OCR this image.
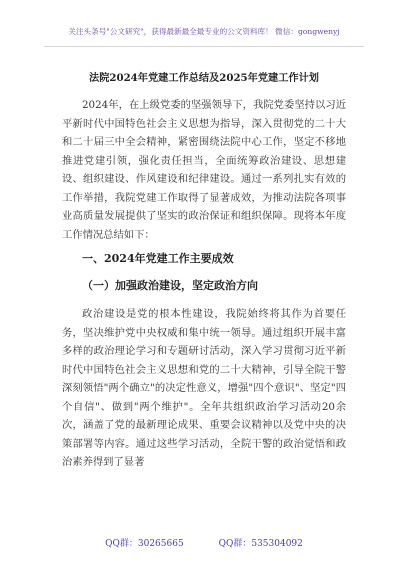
关注头条号"公文研究"，获得最新最全最专业的公文资料库！ 微信：gongwenyj
法院2024年党建工作总结及2025年党建工作计划

2024年，在上级党委的坚强领导下，我院党委坚持以习近平新时代中国特色社会主义思想为指导，深入贯彻党的二十大和二十届三中全会精神，紧密围绕法院中心工作，坚定不移地推进党建引领，强化责任担当，全面统筹政治建设、思想建设、组织建设、作风建设和纪律建设。通过一系列扎实有效的工作举措，我院党建工作取得了显著成效，为推动法院各项事业高质量发展提供了坚实的政治保证和组织保障。现将本年度工作情况总结如下：

一、2024年党建工作主要成效
（一）加强政治建设，坚定政治方向

政治建设是党的根本性建设，我院始终将其作为首要任务，坚决维护党中央权威和集中统一领导。通过组织开展丰富多样的政治理论学习和专题研讨活动，深入学习贯彻习近平新时代中国特色社会主义思想和党的二十大精神，引导全院干警深刻领悟"两个确立"的决定性意义，增强"四个意识"、坚定"四个自信"、做到"两个维护"。全年共组织政治学习活动20余次，涵盖了党的最新理论成果、重要会议精神以及党中央的决策部署等内容。通过这些学习活动，全院干警的政治觉悟和政治素养得到了显著

QQ群：30265665	QQ群：535304092
